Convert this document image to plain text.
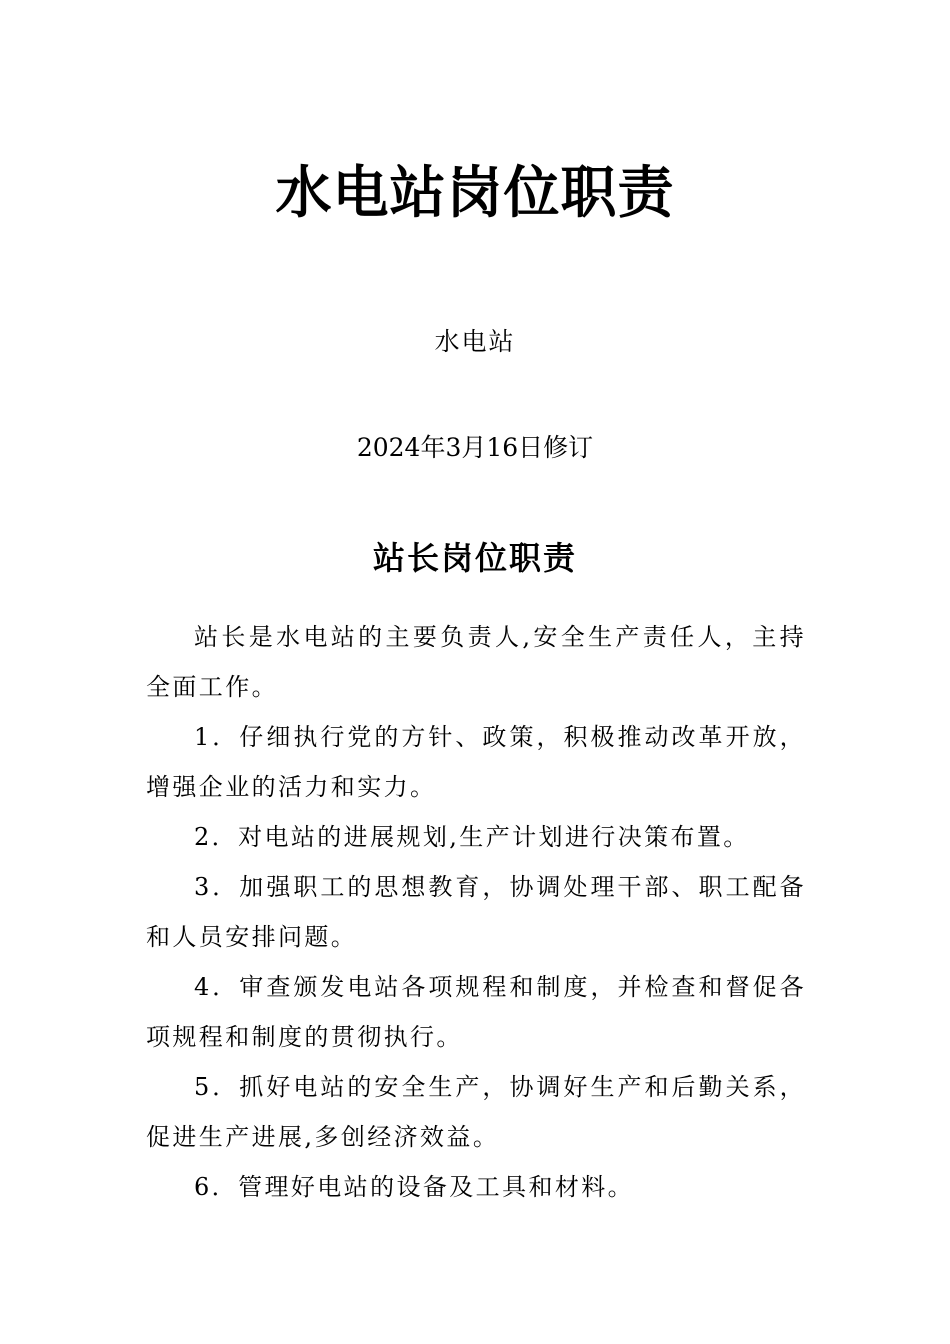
水电站岗位职责
水电站
2024年3月16日修订
站长岗位职责

站长是水电站的主要负责人,安全生产责任人，主持全面工作。

1．仔细执行党的方针、政策，积极推动改革开放，增强企业的活力和实力。

2．对电站的进展规划,生产计划进行决策布置。

3．加强职工的思想教育，协调处理干部、职工配备和人员安排问题。

4．审查颁发电站各项规程和制度，并检查和督促各项规程和制度的贯彻执行。

5．抓好电站的安全生产，协调好生产和后勤关系，促进生产进展,多创经济效益。

6．管理好电站的设备及工具和材料。
